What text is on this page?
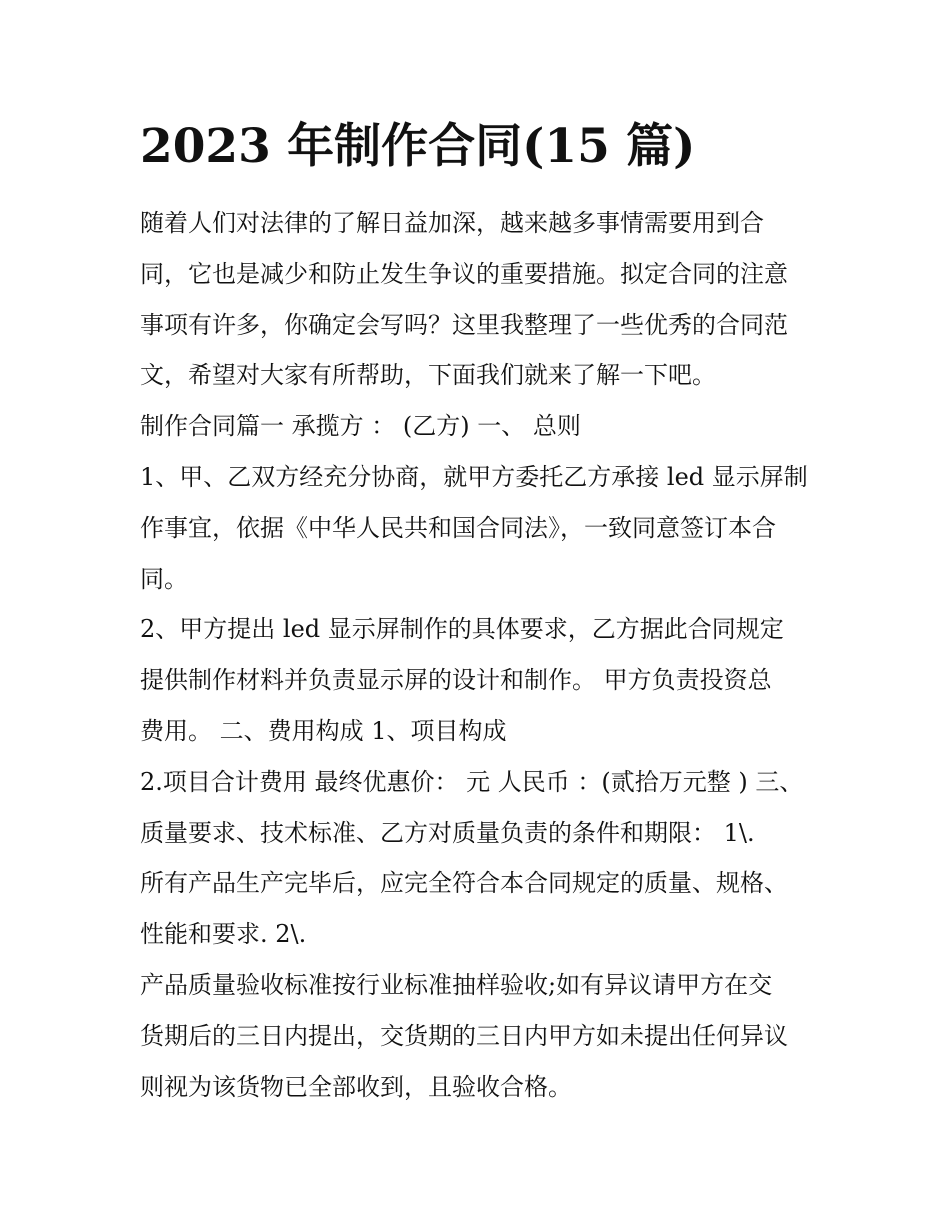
2023 年制作合同(15 篇)

随着人们对法律的了解日益加深，越来越多事情需要用到合
同，它也是减少和防止发生争议的重要措施。拟定合同的注意
事项有许多，你确定会写吗？这里我整理了一些优秀的合同范
文，希望对大家有所帮助，下面我们就来了解一下吧。

制作合同篇一 承揽方 ： (乙方) 一、 总则

1、甲、乙双方经充分协商，就甲方委托乙方承接 led 显示屏制
作事宜，依据《中华人民共和国合同法》，一致同意签订本合
同。

2、甲方提出 led 显示屏制作的具体要求，乙方据此合同规定
提供制作材料并负责显示屏的设计和制作。 甲方负责投资总
费用。 二、费用构成 1、项目构成

2.项目合计费用 最终优惠价： 元 人民币 ：(贰拾万元整 ) 三、
质量要求、技术标准、乙方对质量负责的条件和期限： 1\.
所有产品生产完毕后，应完全符合本合同规定的质量、规格、
性能和要求. 2\.

产品质量验收标准按行业标准抽样验收;如有异议请甲方在交
货期后的三日内提出，交货期的三日内甲方如未提出任何异议
则视为该货物已全部收到，且验收合格。
